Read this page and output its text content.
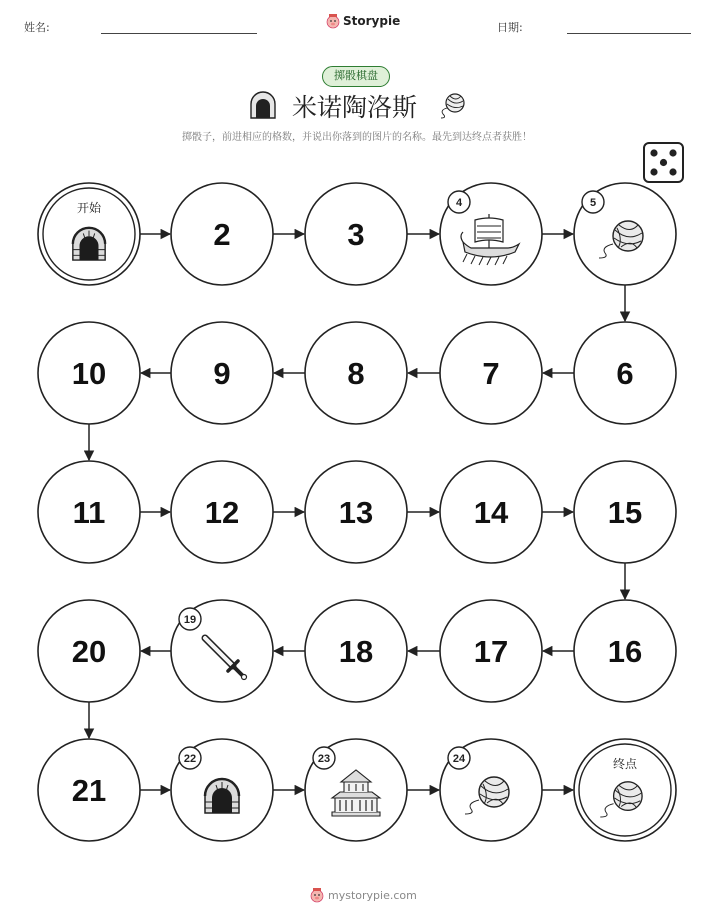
姓名:	Storypie	日期:
掷骰棋盘
米诺陶洛斯
掷骰子，前进相应的格数，并说出你落到的图片的名称。最先到达终点者获胜！
开始
2	3
4	5
6
7
8
9
10
11	12	13	14	15
16
17
18
19
20
21
22	23	24	终点
mystorypie.com
